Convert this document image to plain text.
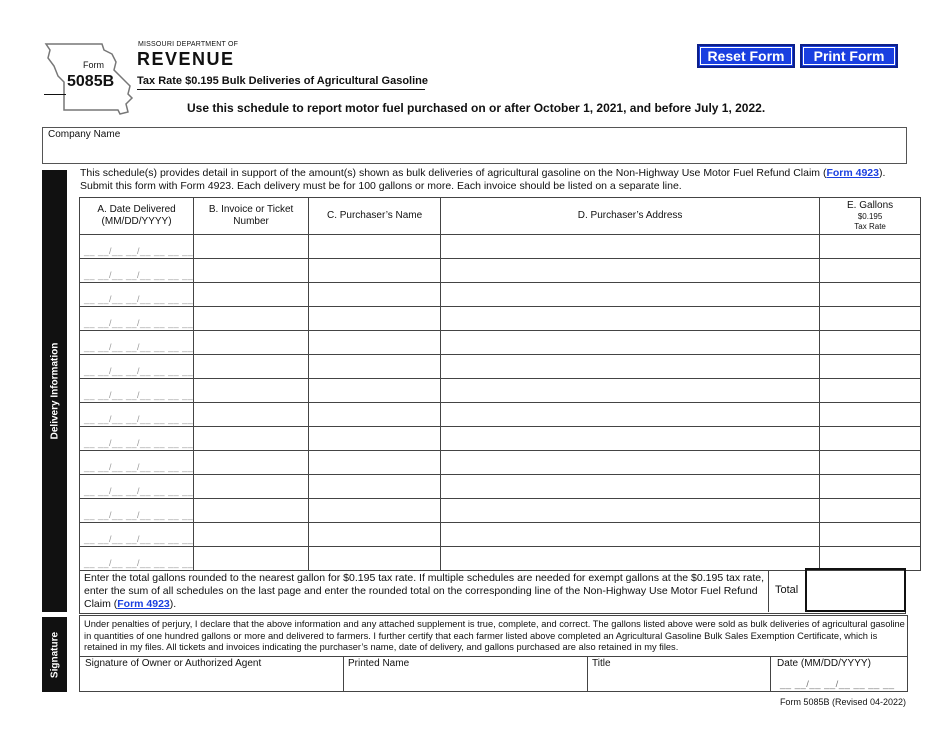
Form
5085B
MISSOURI DEPARTMENT OF
REVENUE
Tax Rate $0.195 Bulk Deliveries of Agricultural Gasoline
Use this schedule to report motor fuel purchased on or after October 1, 2021, and before July 1, 2022.
Reset Form	Print Form
Company Name
Delivery Information
Signature
This schedule(s) provides detail in support of the amount(s) shown as bulk deliveries of agricultural gasoline on the Non-Highway Use Motor Fuel Refund Claim (Form 4923). Submit this form with Form 4923. Each delivery must be for 100 gallons or more. Each invoice should be listed on a separate line.
A. Date Delivered (MM/DD/YYYY)	B. Invoice or Ticket Number	C. Purchaser’s Name	D. Purchaser’s Address	E. Gallons
$0.195
Tax Rate

__ __/__ __/__ __ __ __				

__ __/__ __/__ __ __ __				

__ __/__ __/__ __ __ __				

__ __/__ __/__ __ __ __				

__ __/__ __/__ __ __ __				

__ __/__ __/__ __ __ __				

__ __/__ __/__ __ __ __				

__ __/__ __/__ __ __ __				

__ __/__ __/__ __ __ __				

__ __/__ __/__ __ __ __				

__ __/__ __/__ __ __ __				

__ __/__ __/__ __ __ __				

__ __/__ __/__ __ __ __				

__ __/__ __/__ __ __ __				

Enter the total gallons rounded to the nearest gallon for $0.195 tax rate. If multiple schedules are needed for exempt gallons at the $0.195 tax rate, enter the sum of all schedules on the last page and enter the rounded total on the corresponding line of the Non-Highway Use Motor Fuel Refund Claim (Form 4923).
Total
Under penalties of perjury, I declare that the above information and any attached supplement is true, complete, and correct. The gallons listed above were sold as bulk deliveries of agricultural gasoline in quantities of one hundred gallons or more and delivered to farmers. I further certify that each farmer listed above completed an Agricultural Gasoline Bulk Sales Exemption Certificate, which is retained in my files. All tickets and invoices indicating the purchaser’s name, date of delivery, and gallons purchased are also retained in my files.
Signature of Owner or Authorized Agent	Printed Name	Title	Date (MM/DD/YYYY)
__ __/__ __/__ __ __ __
Form 5085B (Revised 04-2022)
